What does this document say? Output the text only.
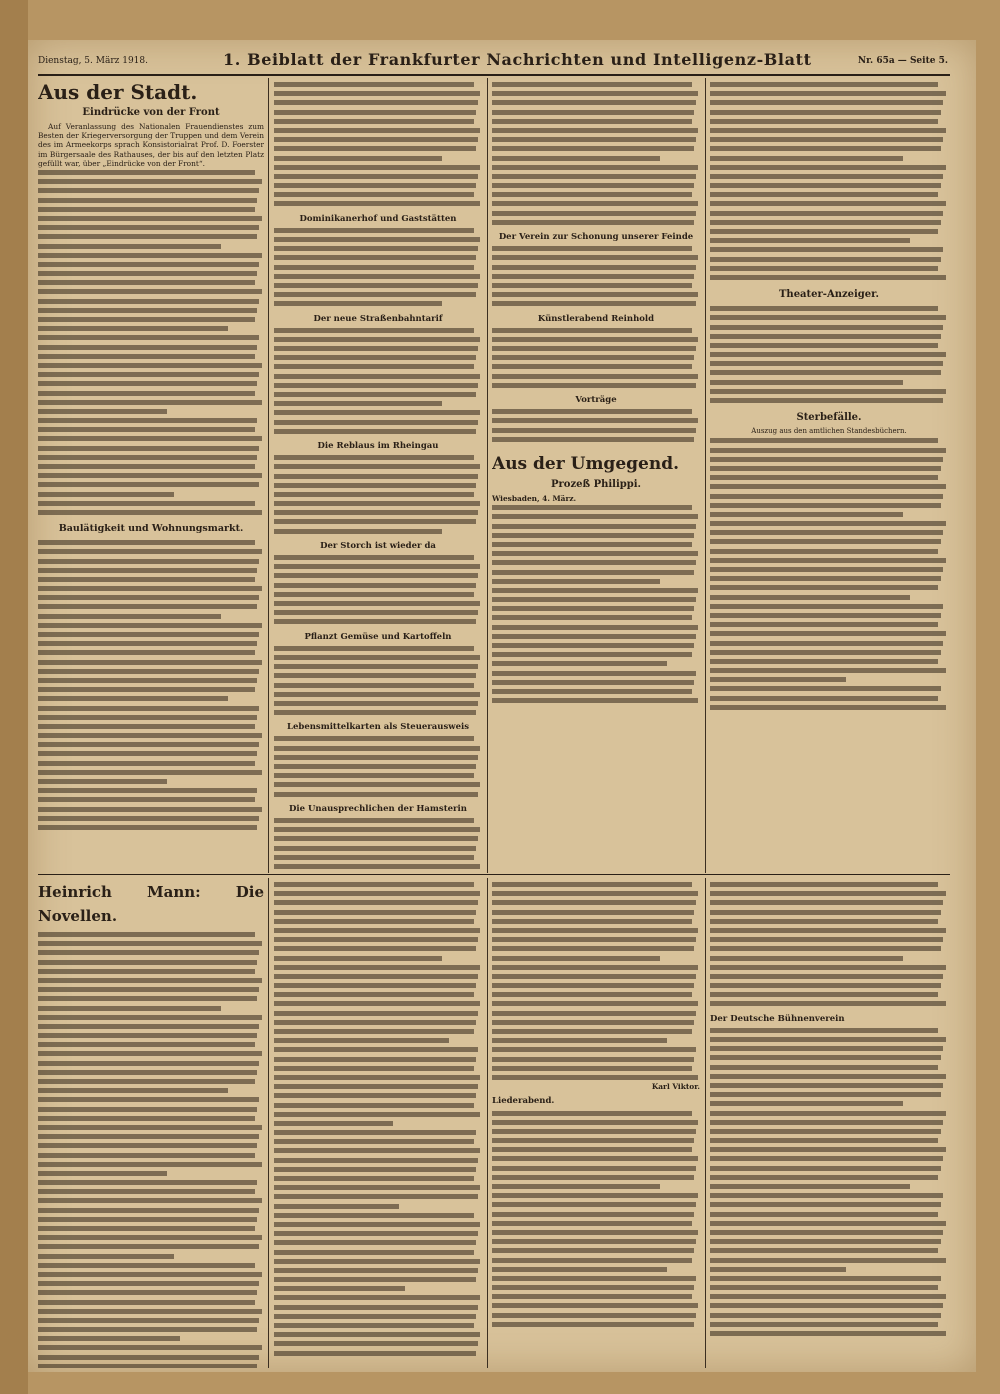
Dienstag, 5. März 1918.	1. Beiblatt der Frankfurter Nachrichten und Intelligenz-Blatt	Nr. 65a — Seite 5.
Aus der Stadt.
Eindrücke von der Front

Auf Veranlassung des Nationalen Frauendienstes zum Besten der Kriegerversorgung der Truppen und dem Verein des im Armeekorps sprach Konsistorialrat Prof. D. Foerster im Bürgersaale des Rathauses, der bis auf den letzten Platz gefüllt war, über „Eindrücke von der Front“.

Baulätigkeit und Wohnungsmarkt.
Dominikanerhof und Gaststätten
Der neue Straßenbahntarif
Die Reblaus im Rheingau
Der Storch ist wieder da
Pflanzt Gemüse und Kartoffeln
Lebensmittelkarten als Steuerausweis
Die Unausprechlichen der Hamsterin
Der Verein zur Schonung unserer Feinde
Künstlerabend Reinhold
Vorträge
Aus der Umgegend.
Prozeß Philippi.
Wiesbaden, 4. März.
Theater-Anzeiger.
Sterbefälle.
Auszug aus den amtlichen Standesbüchern.
Heinrich Mann: Die Novellen.
Karl Viktor.
Liederabend.
Der Deutsche Bühnenverein
